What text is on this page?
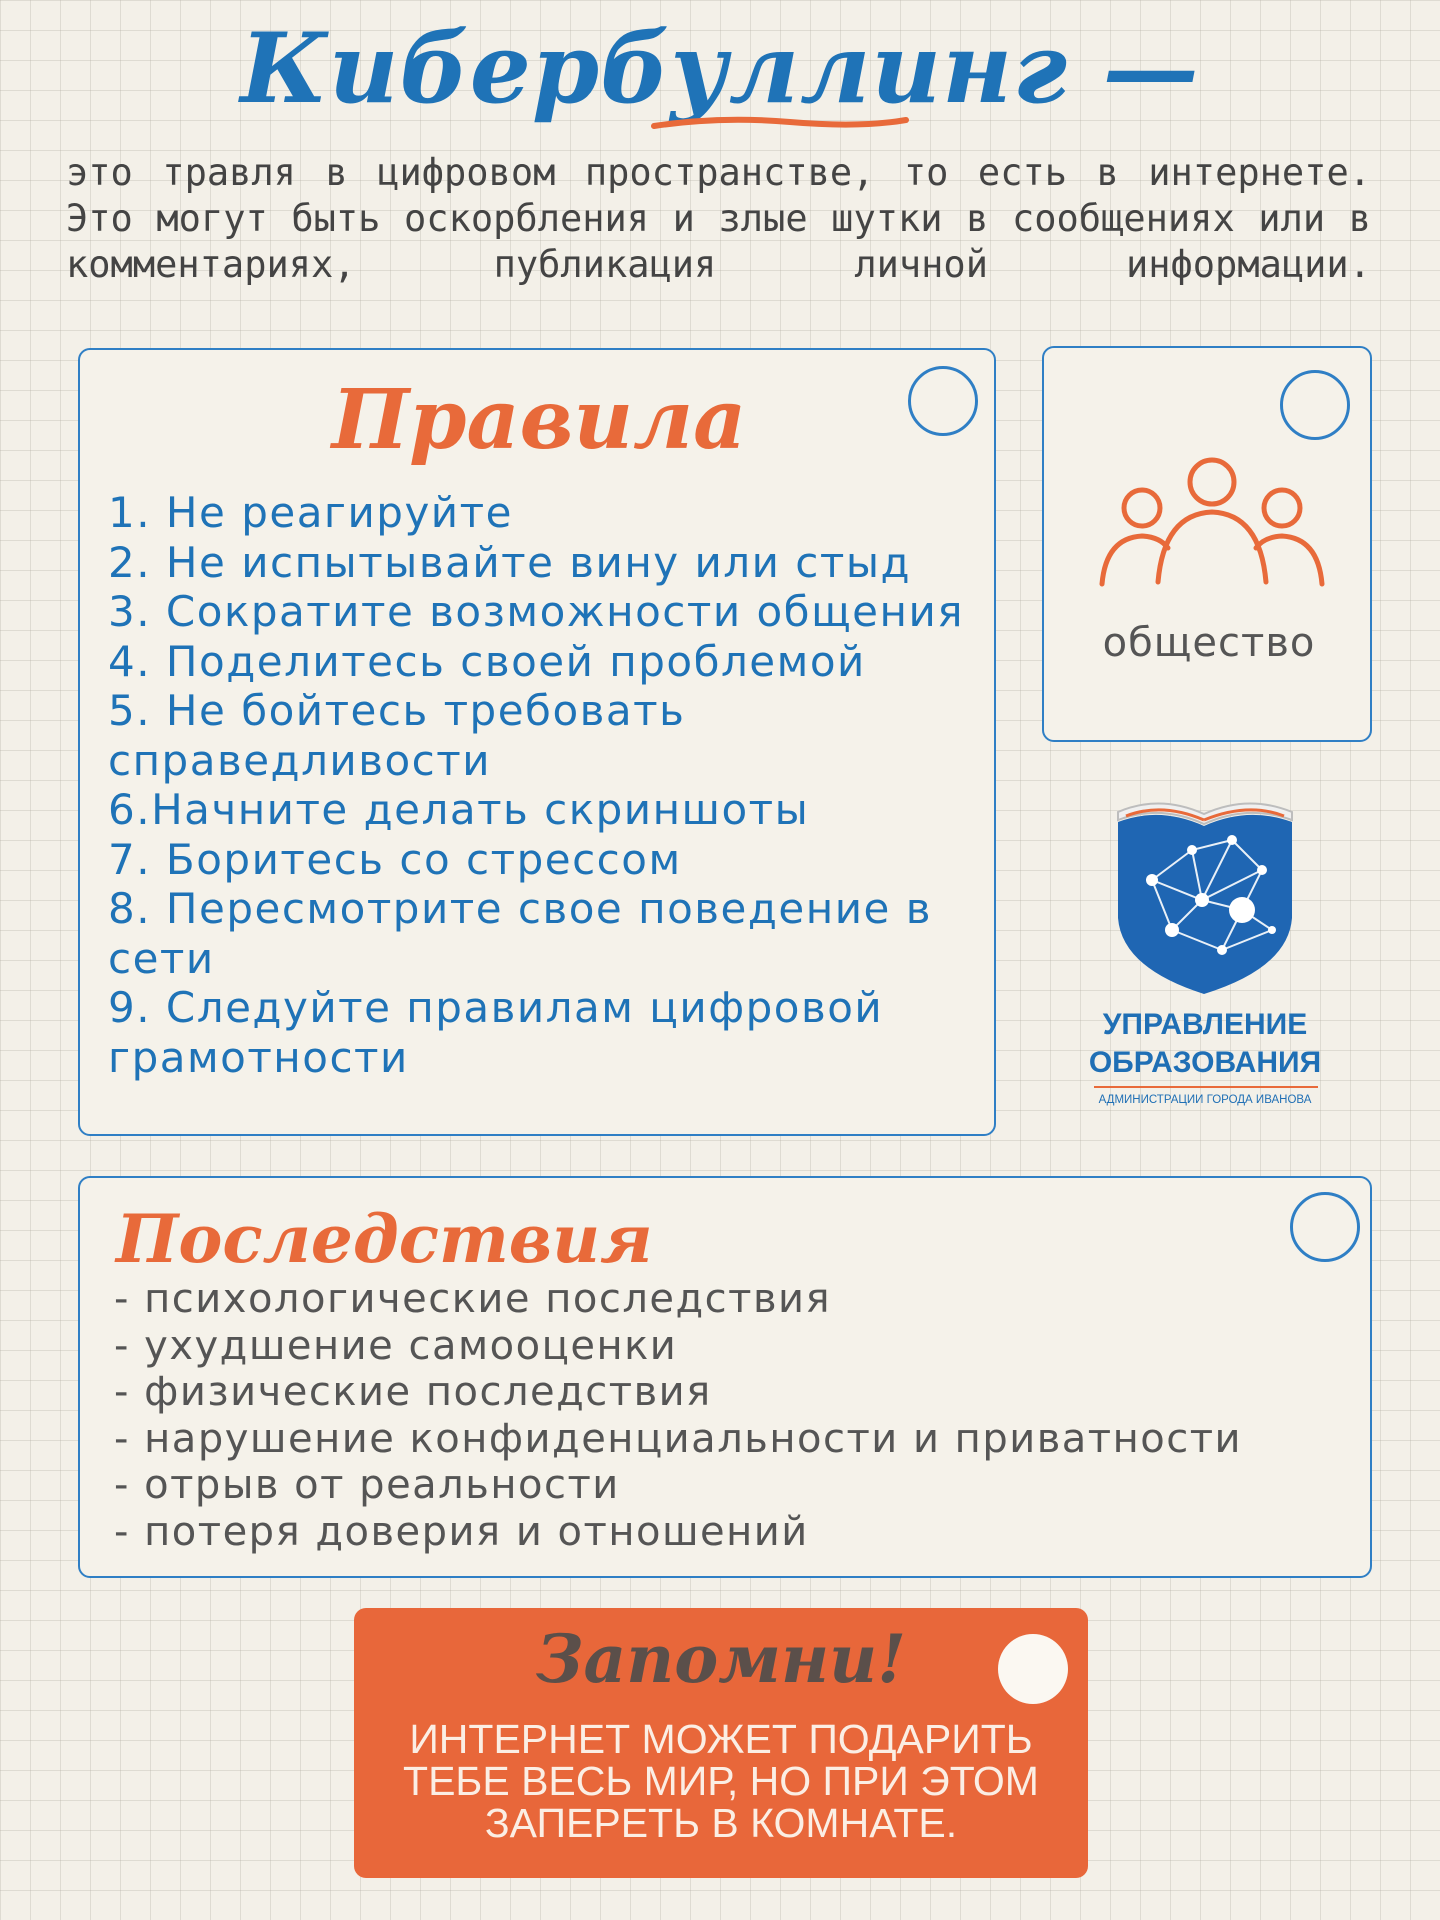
Кибербуллинг —
это травля в цифровом пространстве, то есть в интернете. Это могут быть оскорбления и злые шутки в сообщениях или в комментариях, публикация личной информации.
Правила
1. Не реагируйте
2. Не испытывайте вину или стыд
3. Сократите возможности общения
4. Поделитесь своей проблемой
5. Не бойтесь требовать справедливости
6.Начните делать скриншоты
7. Боритесь со стрессом
8. Пересмотрите свое поведение в сети
9. Следуйте правилам цифровой грамотности
общество
УПРАВЛЕНИЕ
ОБРАЗОВАНИЯ
АДМИНИСТРАЦИИ ГОРОДА ИВАНОВА
Последствия
- психологические последствия
- ухудшение самооценки
- физические последствия
- нарушение конфиденциальности и приватности
- отрыв от реальности
- потеря доверия и отношений
Запомни!

ИНТЕРНЕТ МОЖЕТ ПОДАРИТЬ ТЕБЕ ВЕСЬ МИР, НО ПРИ ЭТОМ ЗАПЕРЕТЬ В КОМНАТЕ.
